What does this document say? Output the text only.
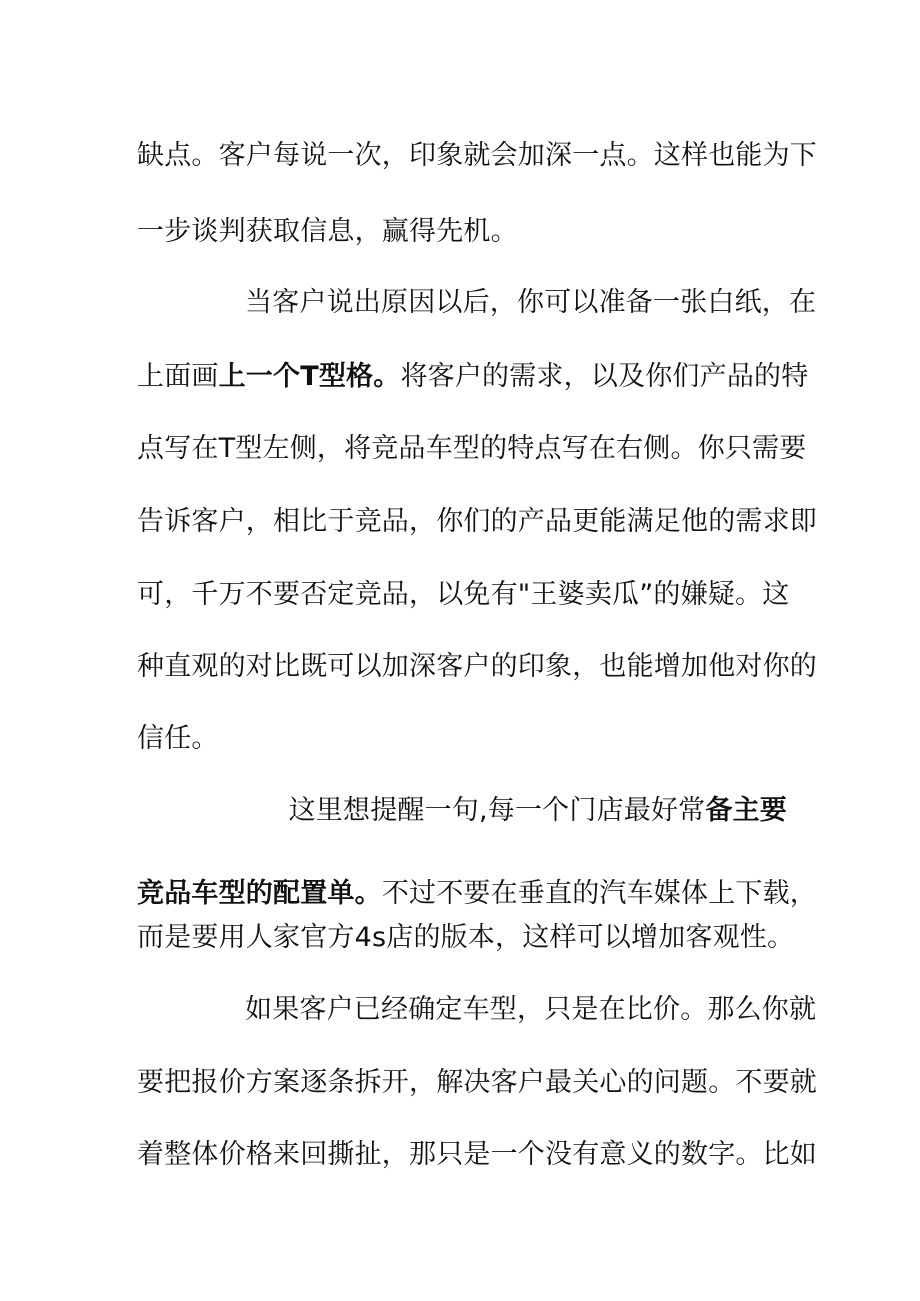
缺点。客户每说一次，印象就会加深一点。这样也能为下
一步谈判获取信息，赢得先机。
当客户说出原因以后，你可以准备一张白纸，在
上面画上一个T型格。将客户的需求，以及你们产品的特
点写在T型左侧，将竞品车型的特点写在右侧。你只需要
告诉客户，相比于竞品，你们的产品更能满足他的需求即
可，千万不要否定竞品，以免有"王婆卖瓜”的嫌疑。这
种直观的对比既可以加深客户的印象，也能增加他对你的
信任。
这里想提醒一句,每一个门店最好常备主要
竞品车型的配置单。不过不要在垂直的汽车媒体上下载，
而是要用人家官方4s店的版本，这样可以增加客观性。
如果客户已经确定车型，只是在比价。那么你就
要把报价方案逐条拆开，解决客户最关心的问题。不要就
着整体价格来回撕扯，那只是一个没有意义的数字。比如
